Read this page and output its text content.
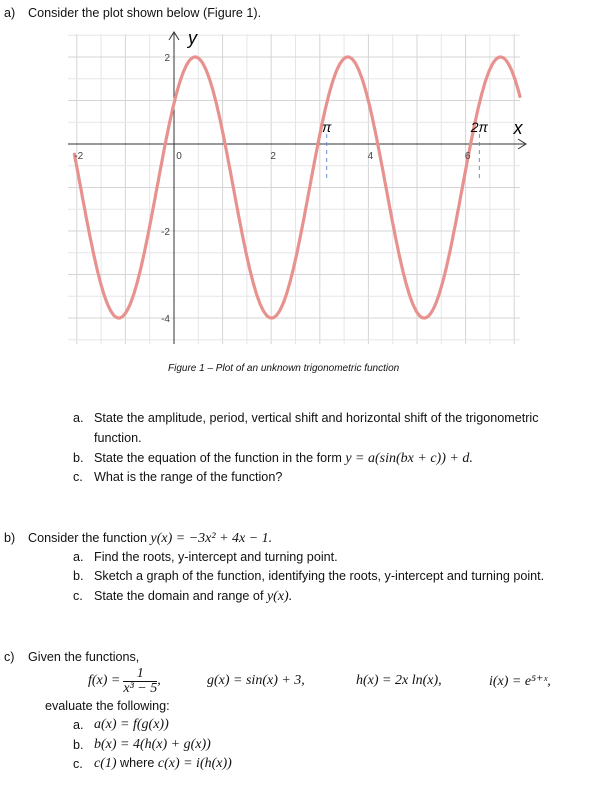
a) Consider the plot shown below (Figure 1).
-2	0	2	4	6
2
-2
-4
π	2π x
y
Figure 1 – Plot of an unknown trigonometric function
a. State the amplitude, period, vertical shift and horizontal shift of the trigonometric
function.
b. State the equation of the function in the form y = a(sin(bx + c)) + d.
c. What is the range of the function?
b) Consider the function y(x) = −3x² + 4x − 1.
a. Find the roots, y-intercept and turning point.
b. Sketch a graph of the function, identifying the roots, y-intercept and turning point.
c. State the domain and range of y(x).
c) Given the functions,
$f(x) = \frac{1}{\text{x³ − 5}}$ ,	g(x) = sin(x) + 3,	h(x) = 2x ln(x),	i(x) = e⁵⁺ˣ,
evaluate the following:
a. a(x) = f(g(x))
b. b(x) = 4(h(x) + g(x))
c. c(1) where c(x) = i(h(x))
